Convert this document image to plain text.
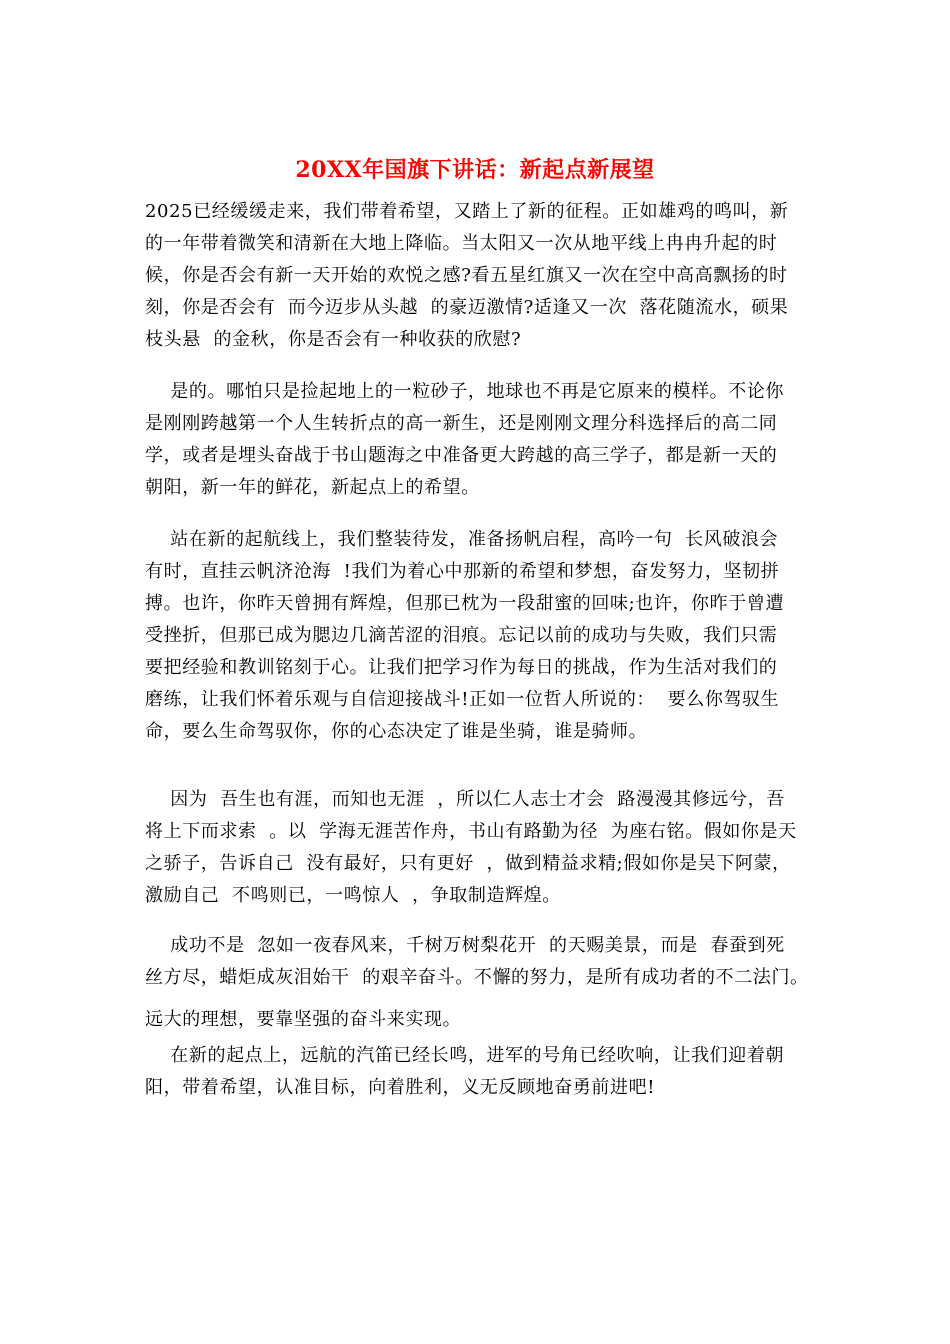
20XX年国旗下讲话：新起点新展望
2025已经缓缓走来，我们带着希望，又踏上了新的征程。正如雄鸡的鸣叫，新
的一年带着微笑和清新在大地上降临。当太阳又一次从地平线上冉冉升起的时
候，你是否会有新一天开始的欢悦之感?看五星红旗又一次在空中高高飘扬的时
刻，你是否会有  而今迈步从头越  的豪迈激情?适逢又一次  落花随流水，硕果
枝头悬  的金秋，你是否会有一种收获的欣慰?
是的。哪怕只是捡起地上的一粒砂子，地球也不再是它原来的模样。不论你
是刚刚跨越第一个人生转折点的高一新生，还是刚刚文理分科选择后的高二同
学，或者是埋头奋战于书山题海之中准备更大跨越的高三学子，都是新一天的
朝阳，新一年的鲜花，新起点上的希望。
站在新的起航线上，我们整装待发，准备扬帆启程，高吟一句  长风破浪会
有时，直挂云帆济沧海  !我们为着心中那新的希望和梦想，奋发努力，坚韧拼
搏。也许，你昨天曾拥有辉煌，但那已枕为一段甜蜜的回味;也许，你昨于曾遭
受挫折，但那已成为腮边几滴苦涩的泪痕。忘记以前的成功与失败，我们只需
要把经验和教训铭刻于心。让我们把学习作为每日的挑战，作为生活对我们的
磨练，让我们怀着乐观与自信迎接战斗!正如一位哲人所说的：  要么你驾驭生
命，要么生命驾驭你，你的心态决定了谁是坐骑，谁是骑师。
因为  吾生也有涯，而知也无涯  ，所以仁人志士才会  路漫漫其修远兮，吾
将上下而求索  。以  学海无涯苦作舟，书山有路勤为径  为座右铭。假如你是天
之骄子，告诉自己  没有最好，只有更好  ，做到精益求精;假如你是吴下阿蒙，
激励自己  不鸣则已，一鸣惊人  ，争取制造辉煌。
成功不是  忽如一夜春风来，千树万树梨花开  的天赐美景，而是  春蚕到死
丝方尽，蜡炬成灰泪始干  的艰辛奋斗。不懈的努力，是所有成功者的不二法门。
远大的理想，要靠坚强的奋斗来实现。
在新的起点上，远航的汽笛已经长鸣，进军的号角已经吹响，让我们迎着朝
阳，带着希望，认准目标，向着胜利，义无反顾地奋勇前进吧!
